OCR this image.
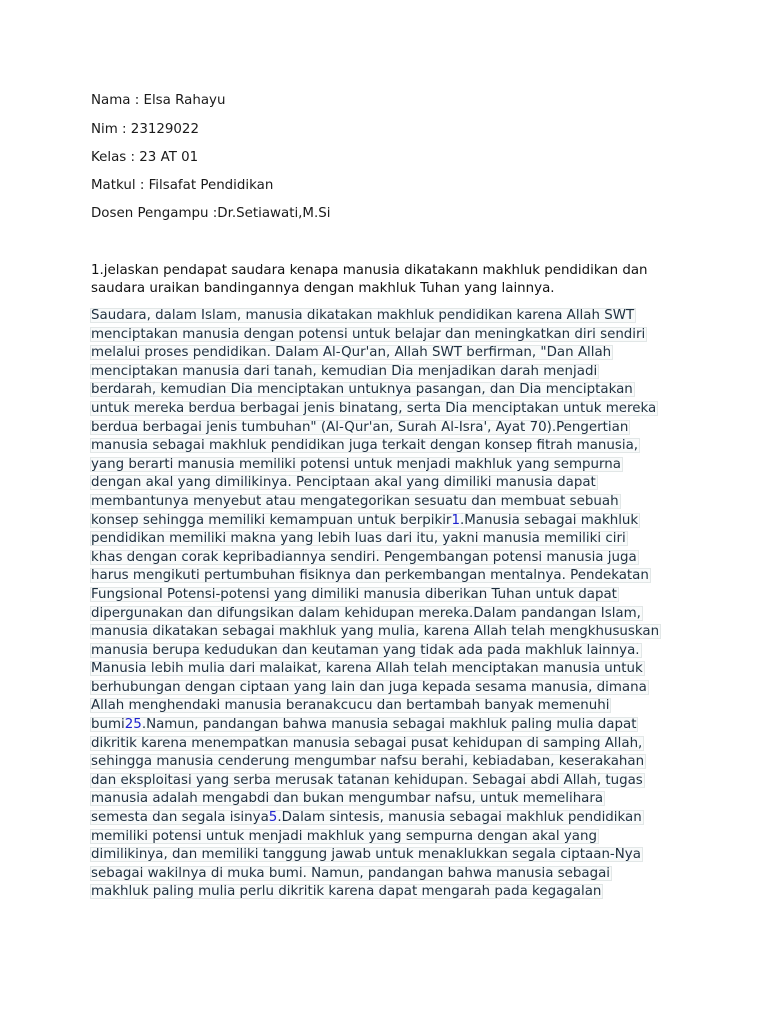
Nama : Elsa Rahayu
Nim : 23129022
Kelas : 23 AT 01
Matkul : Filsafat Pendidikan
Dosen Pengampu :Dr.Setiawati,M.Si
1.jelaskan pendapat saudara kenapa manusia dikatakann makhluk pendidikan dan
saudara uraikan bandingannya dengan makhluk Tuhan yang lainnya.
Saudara, dalam Islam, manusia dikatakan makhluk pendidikan karena Allah SWT
menciptakan manusia dengan potensi untuk belajar dan meningkatkan diri sendiri
melalui proses pendidikan. Dalam Al-Qur'an, Allah SWT berfirman, "Dan Allah
menciptakan manusia dari tanah, kemudian Dia menjadikan darah menjadi
berdarah, kemudian Dia menciptakan untuknya pasangan, dan Dia menciptakan
untuk mereka berdua berbagai jenis binatang, serta Dia menciptakan untuk mereka
berdua berbagai jenis tumbuhan" (Al-Qur'an, Surah Al-Isra', Ayat 70).Pengertian
manusia sebagai makhluk pendidikan juga terkait dengan konsep fitrah manusia,
yang berarti manusia memiliki potensi untuk menjadi makhluk yang sempurna
dengan akal yang dimilikinya. Penciptaan akal yang dimiliki manusia dapat
membantunya menyebut atau mengategorikan sesuatu dan membuat sebuah
konsep sehingga memiliki kemampuan untuk berpikir1.Manusia sebagai makhluk
pendidikan memiliki makna yang lebih luas dari itu, yakni manusia memiliki ciri
khas dengan corak kepribadiannya sendiri. Pengembangan potensi manusia juga
harus mengikuti pertumbuhan fisiknya dan perkembangan mentalnya. Pendekatan
Fungsional Potensi-potensi yang dimiliki manusia diberikan Tuhan untuk dapat
dipergunakan dan difungsikan dalam kehidupan mereka.Dalam pandangan Islam,
manusia dikatakan sebagai makhluk yang mulia, karena Allah telah mengkhususkan
manusia berupa kedudukan dan keutaman yang tidak ada pada makhluk lainnya.
Manusia lebih mulia dari malaikat, karena Allah telah menciptakan manusia untuk
berhubungan dengan ciptaan yang lain dan juga kepada sesama manusia, dimana
Allah menghendaki manusia beranakcucu dan bertambah banyak memenuhi
bumi25.Namun, pandangan bahwa manusia sebagai makhluk paling mulia dapat
dikritik karena menempatkan manusia sebagai pusat kehidupan di samping Allah,
sehingga manusia cenderung mengumbar nafsu berahi, kebiadaban, keserakahan
dan eksploitasi yang serba merusak tatanan kehidupan. Sebagai abdi Allah, tugas
manusia adalah mengabdi dan bukan mengumbar nafsu, untuk memelihara
semesta dan segala isinya5.Dalam sintesis, manusia sebagai makhluk pendidikan
memiliki potensi untuk menjadi makhluk yang sempurna dengan akal yang
dimilikinya, dan memiliki tanggung jawab untuk menaklukkan segala ciptaan-Nya
sebagai wakilnya di muka bumi. Namun, pandangan bahwa manusia sebagai
makhluk paling mulia perlu dikritik karena dapat mengarah pada kegagalan
